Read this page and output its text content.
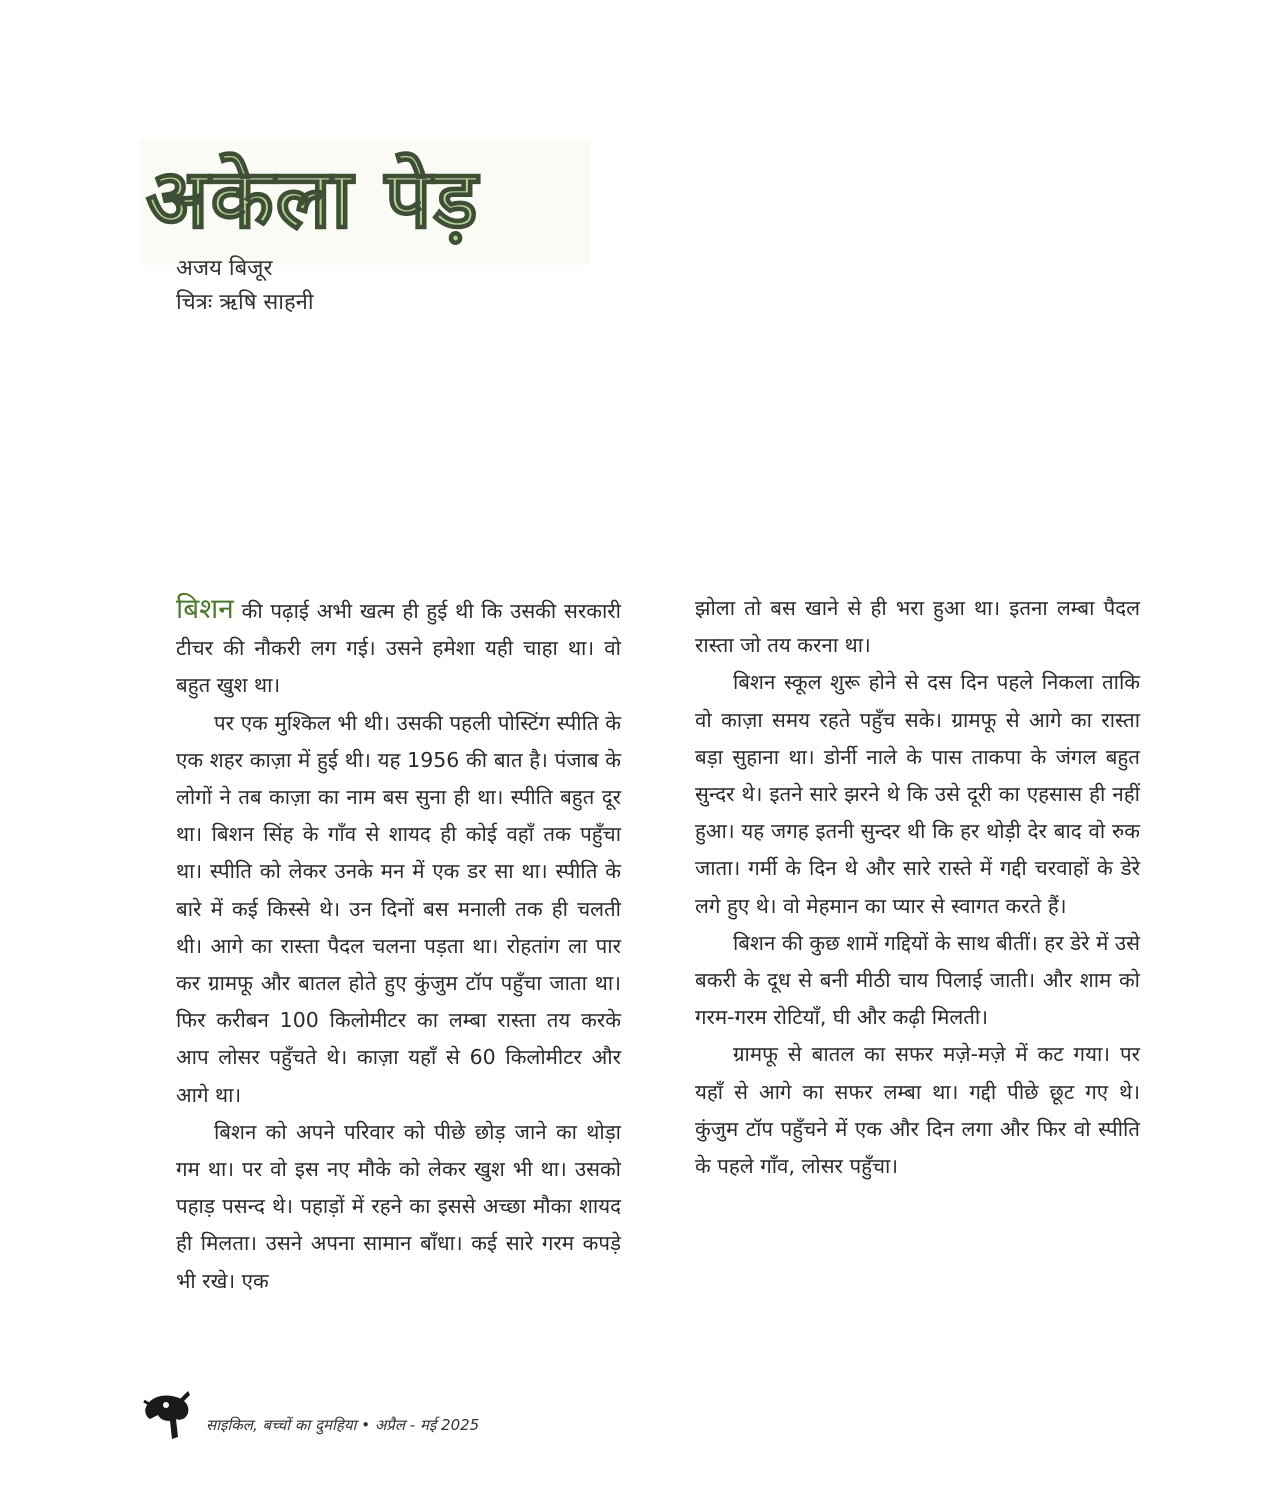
अकेला पेड़
अजय बिजूर
चित्रः ऋषि साहनी

बिशन की पढ़ाई अभी खत्म ही हुई थी कि उसकी सरकारी टीचर की नौकरी लग गई। उसने हमेशा यही चाहा था। वो बहुत खुश था।

पर एक मुश्किल भी थी। उसकी पहली पोस्टिंग स्पीति के एक शहर काज़ा में हुई थी। यह 1956 की बात है। पंजाब के लोगों ने तब काज़ा का नाम बस सुना ही था। स्पीति बहुत दूर था। बिशन सिंह के गाँव से शायद ही कोई वहाँ तक पहुँचा था। स्पीति को लेकर उनके मन में एक डर सा था। स्पीति के बारे में कई किस्से थे। उन दिनों बस मनाली तक ही चलती थी। आगे का रास्ता पैदल चलना पड़ता था। रोहतांग ला पार कर ग्रामफू और बातल होते हुए कुंजुम टॉप पहुँचा जाता था। फिर करीबन 100 किलोमीटर का लम्बा रास्ता तय करके आप लोसर पहुँचते थे। काज़ा यहाँ से 60 किलोमीटर और आगे था।

बिशन को अपने परिवार को पीछे छोड़ जाने का थोड़ा गम था। पर वो इस नए मौके को लेकर खुश भी था। उसको पहाड़ पसन्द थे। पहाड़ों में रहने का इससे अच्छा मौका शायद ही मिलता। उसने अपना सामान बाँधा। कई सारे गरम कपड़े भी रखे। एक

झोला तो बस खाने से ही भरा हुआ था। इतना लम्बा पैदल रास्ता जो तय करना था।

बिशन स्कूल शुरू होने से दस दिन पहले निकला ताकि वो काज़ा समय रहते पहुँच सके। ग्रामफू से आगे का रास्ता बड़ा सुहाना था। डोर्नी नाले के पास ताकपा के जंगल बहुत सुन्दर थे। इतने सारे झरने थे कि उसे दूरी का एहसास ही नहीं हुआ। यह जगह इतनी सुन्दर थी कि हर थोड़ी देर बाद वो रुक जाता। गर्मी के दिन थे और सारे रास्ते में गद्दी चरवाहों के डेरे लगे हुए थे। वो मेहमान का प्यार से स्वागत करते हैं।

बिशन की कुछ शामें गद्दियों के साथ बीतीं। हर डेरे में उसे बकरी के दूध से बनी मीठी चाय पिलाई जाती। और शाम को गरम-गरम रोटियाँ, घी और कढ़ी मिलती।

ग्रामफू से बातल का सफर मज़े-मज़े में कट गया। पर यहाँ से आगे का सफर लम्बा था। गद्दी पीछे छूट गए थे। कुंजुम टॉप पहुँचने में एक और दिन लगा और फिर वो स्पीति के पहले गाँव, लोसर पहुँचा।

साइकिल, बच्चों का दुमहिया • अप्रैल - मई 2025
